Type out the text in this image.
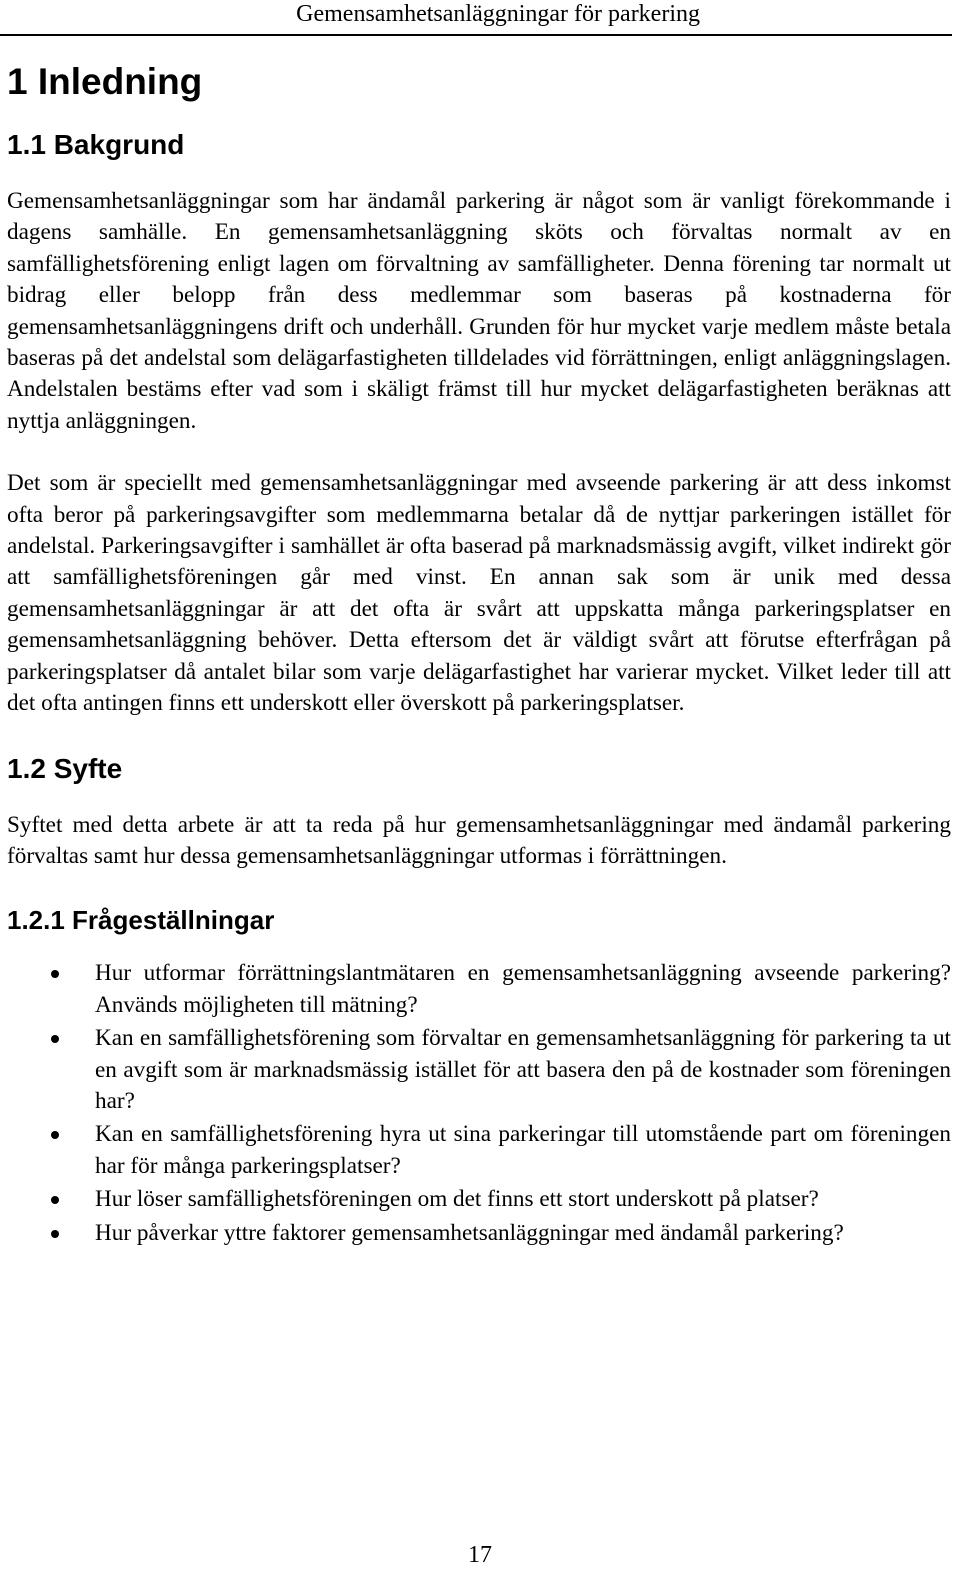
Gemensamhetsanläggningar för parkering
1 Inledning
1.1 Bakgrund

Gemensamhetsanläggningar som har ändamål parkering är något som är vanligt förekommande i dagens samhälle. En gemensamhetsanläggning sköts och förvaltas normalt av en samfällighetsförening enligt lagen om förvaltning av samfälligheter. Denna förening tar normalt ut bidrag eller belopp från dess medlemmar som baseras på kostnaderna för gemensamhetsanläggningens drift och underhåll. Grunden för hur mycket varje medlem måste betala baseras på det andelstal som delägarfastigheten tilldelades vid förrättningen, enligt anläggningslagen. Andelstalen bestäms efter vad som i skäligt främst till hur mycket delägarfastigheten beräknas att nyttja anläggningen.

Det som är speciellt med gemensamhetsanläggningar med avseende parkering är att dess inkomst ofta beror på parkeringsavgifter som medlemmarna betalar då de nyttjar parkeringen istället för andelstal. Parkeringsavgifter i samhället är ofta baserad på marknadsmässig avgift, vilket indirekt gör att samfällighetsföreningen går med vinst. En annan sak som är unik med dessa gemensamhetsanläggningar är att det ofta är svårt att uppskatta många parkeringsplatser en gemensamhetsanläggning behöver. Detta eftersom det är väldigt svårt att förutse efterfrågan på parkeringsplatser då antalet bilar som varje delägarfastighet har varierar mycket. Vilket leder till att det ofta antingen finns ett underskott eller överskott på parkeringsplatser.

1.2 Syfte

Syftet med detta arbete är att ta reda på hur gemensamhetsanläggningar med ändamål parkering förvaltas samt hur dessa gemensamhetsanläggningar utformas i förrättningen.

1.2.1 Frågeställningar
Hur utformar förrättningslantmätaren en gemensamhetsanläggning avseende parkering? Används möjligheten till mätning?
Kan en samfällighetsförening som förvaltar en gemensamhetsanläggning för parkering ta ut en avgift som är marknadsmässig istället för att basera den på de kostnader som föreningen har?
Kan en samfällighetsförening hyra ut sina parkeringar till utomstående part om föreningen har för många parkeringsplatser?
Hur löser samfällighetsföreningen om det finns ett stort underskott på platser?
Hur påverkar yttre faktorer gemensamhetsanläggningar med ändamål parkering?
17
